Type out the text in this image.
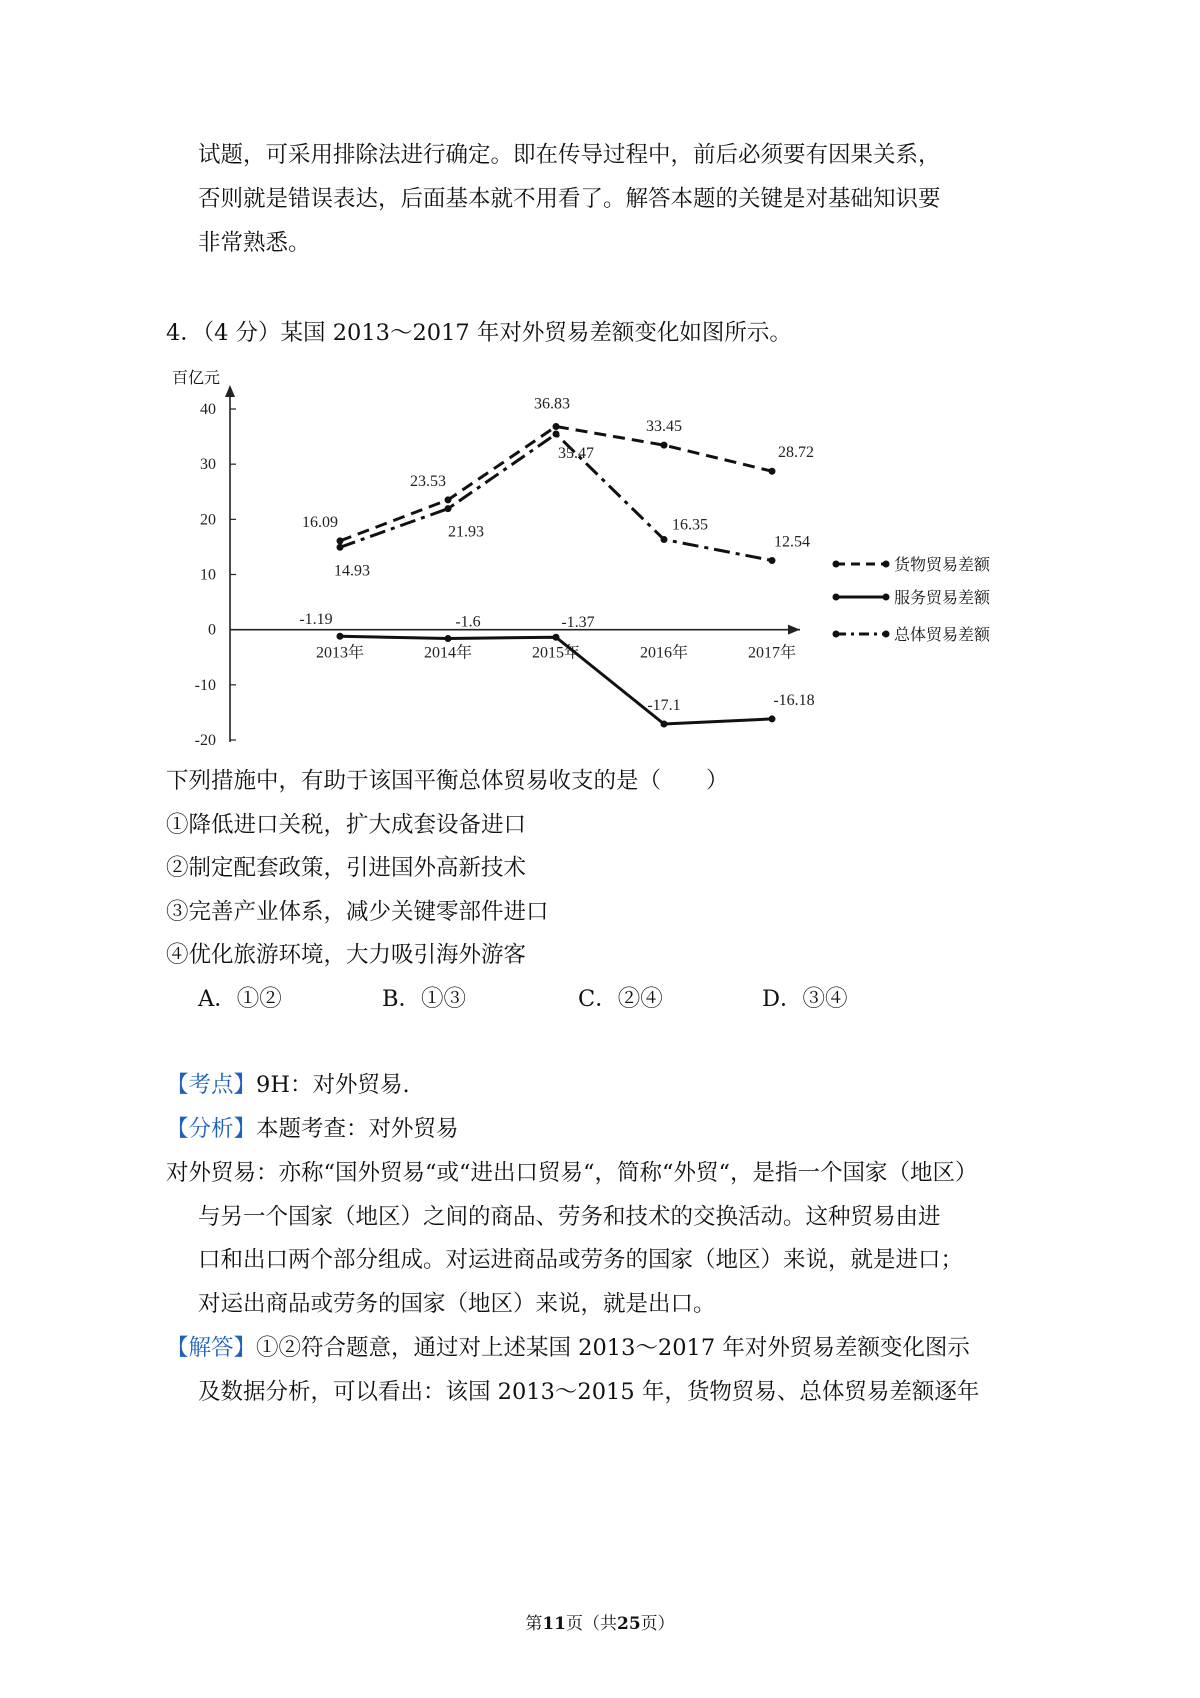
试题，可采用排除法进行确定。即在传导过程中，前后必须要有因果关系，
否则就是错误表达，后面基本就不用看了。解答本题的关键是对基础知识要
非常熟悉。
4．（4 分）某国 2013～2017 年对外贸易差额变化如图所示。
百亿元
40
30
20
10
0
-10
-20
2013年	2014年	2015年	2016年	2017年
16.09
23.53
36.83
33.45
28.72
-1.19	-1.6	-1.37
-17.1	-16.18
14.93
21.93
35.47
16.35
12.54
货物贸易差额
服务贸易差额
总体贸易差额
下列措施中，有助于该国平衡总体贸易收支的是（　　）
①降低进口关税，扩大成套设备进口
②制定配套政策，引进国外高新技术
③完善产业体系，减少关键零部件进口
④优化旅游环境，大力吸引海外游客
A．①②	B．①③	C．②④	D．③④
【考点】9H：对外贸易.
【分析】本题考查：对外贸易
对外贸易：亦称“国外贸易“或“进出口贸易“，简称“外贸“，是指一个国家（地区）
与另一个国家（地区）之间的商品、劳务和技术的交换活动。这种贸易由进
口和出口两个部分组成。对运进商品或劳务的国家（地区）来说，就是进口；
对运出商品或劳务的国家（地区）来说，就是出口。
【解答】①②符合题意，通过对上述某国 2013～2017 年对外贸易差额变化图示
及数据分析，可以看出：该国 2013～2015 年，货物贸易、总体贸易差额逐年
第11页（共25页）
